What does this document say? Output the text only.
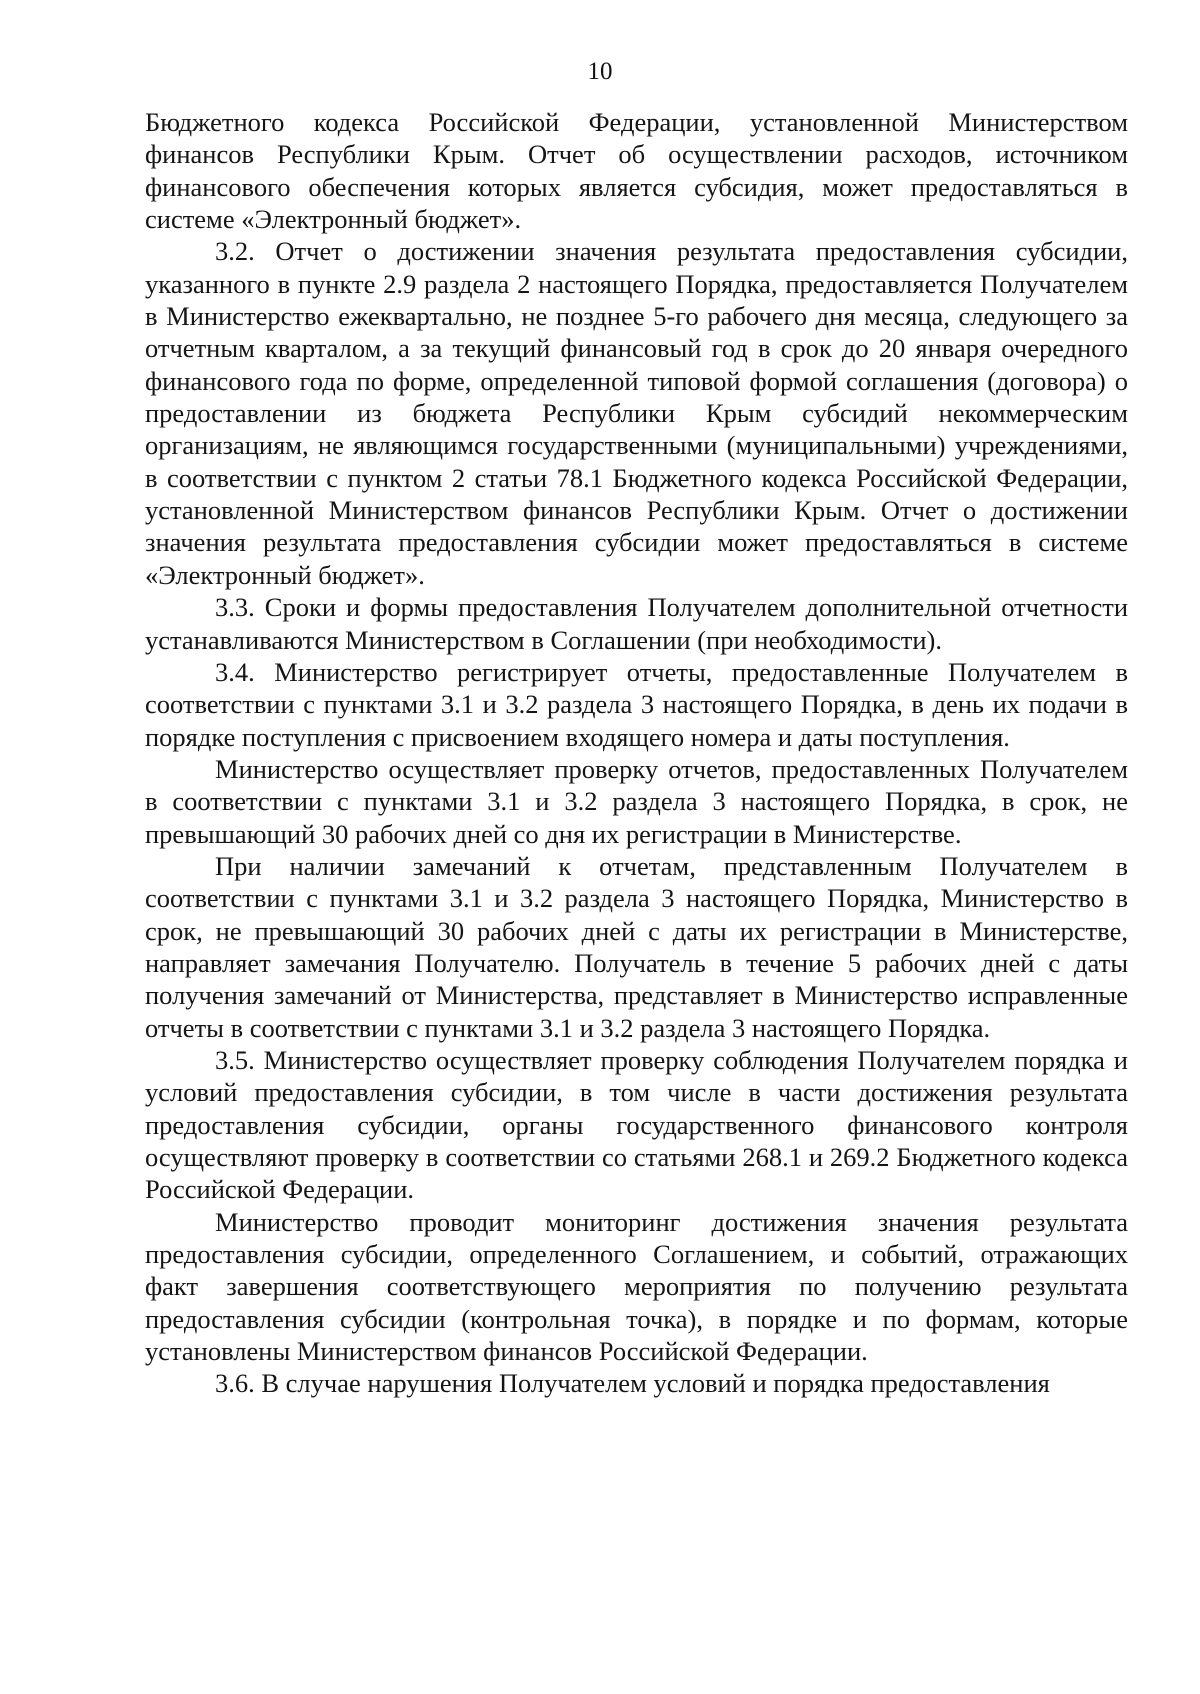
10

Бюджетного кодекса Российской Федерации, установленной Министерством финансов Республики Крым. Отчет об осуществлении расходов, источником финансового обеспечения которых является субсидия, может предоставляться в системе «Электронный бюджет».

3.2. Отчет о достижении значения результата предоставления субсидии, указанного в пункте 2.9 раздела 2 настоящего Порядка, предоставляется Получателем в Министерство ежеквартально, не позднее 5-го рабочего дня месяца, следующего за отчетным кварталом, а за текущий финансовый год в срок до 20 января очередного финансового года по форме, определенной типовой формой соглашения (договора) о предоставлении из бюджета Республики Крым субсидий некоммерческим организациям, не являющимся государственными (муниципальными) учреждениями, в соответствии с пунктом 2 статьи 78.1 Бюджетного кодекса Российской Федерации, установленной Министерством финансов Республики Крым. Отчет о достижении значения результата предоставления субсидии может предоставляться в системе «Электронный бюджет».

3.3. Сроки и формы предоставления Получателем дополнительной отчетности устанавливаются Министерством в Соглашении (при необходимости).

3.4. Министерство регистрирует отчеты, предоставленные Получателем в соответствии с пунктами 3.1 и 3.2 раздела 3 настоящего Порядка, в день их подачи в порядке поступления с присвоением входящего номера и даты поступления.

Министерство осуществляет проверку отчетов, предоставленных Получателем в соответствии с пунктами 3.1 и 3.2 раздела 3 настоящего Порядка, в срок, не превышающий 30 рабочих дней со дня их регистрации в Министерстве.

При наличии замечаний к отчетам, представленным Получателем в соответствии с пунктами 3.1 и 3.2 раздела 3 настоящего Порядка, Министерство в срок, не превышающий 30 рабочих дней с даты их регистрации в Министерстве, направляет замечания Получателю. Получатель в течение 5 рабочих дней с даты получения замечаний от Министерства, представляет в Министерство исправленные отчеты в соответствии с пунктами 3.1 и 3.2 раздела 3 настоящего Порядка.

3.5. Министерство осуществляет проверку соблюдения Получателем порядка и условий предоставления субсидии, в том числе в части достижения результата предоставления субсидии, органы государственного финансового контроля осуществляют проверку в соответствии со статьями 268.1 и 269.2 Бюджетного кодекса Российской Федерации.

Министерство проводит мониторинг достижения значения результата предоставления субсидии, определенного Соглашением, и событий, отражающих факт завершения соответствующего мероприятия по получению результата предоставления субсидии (контрольная точка), в порядке и по формам, которые установлены Министерством финансов Российской Федерации.

3.6. В случае нарушения Получателем условий и порядка предоставления
